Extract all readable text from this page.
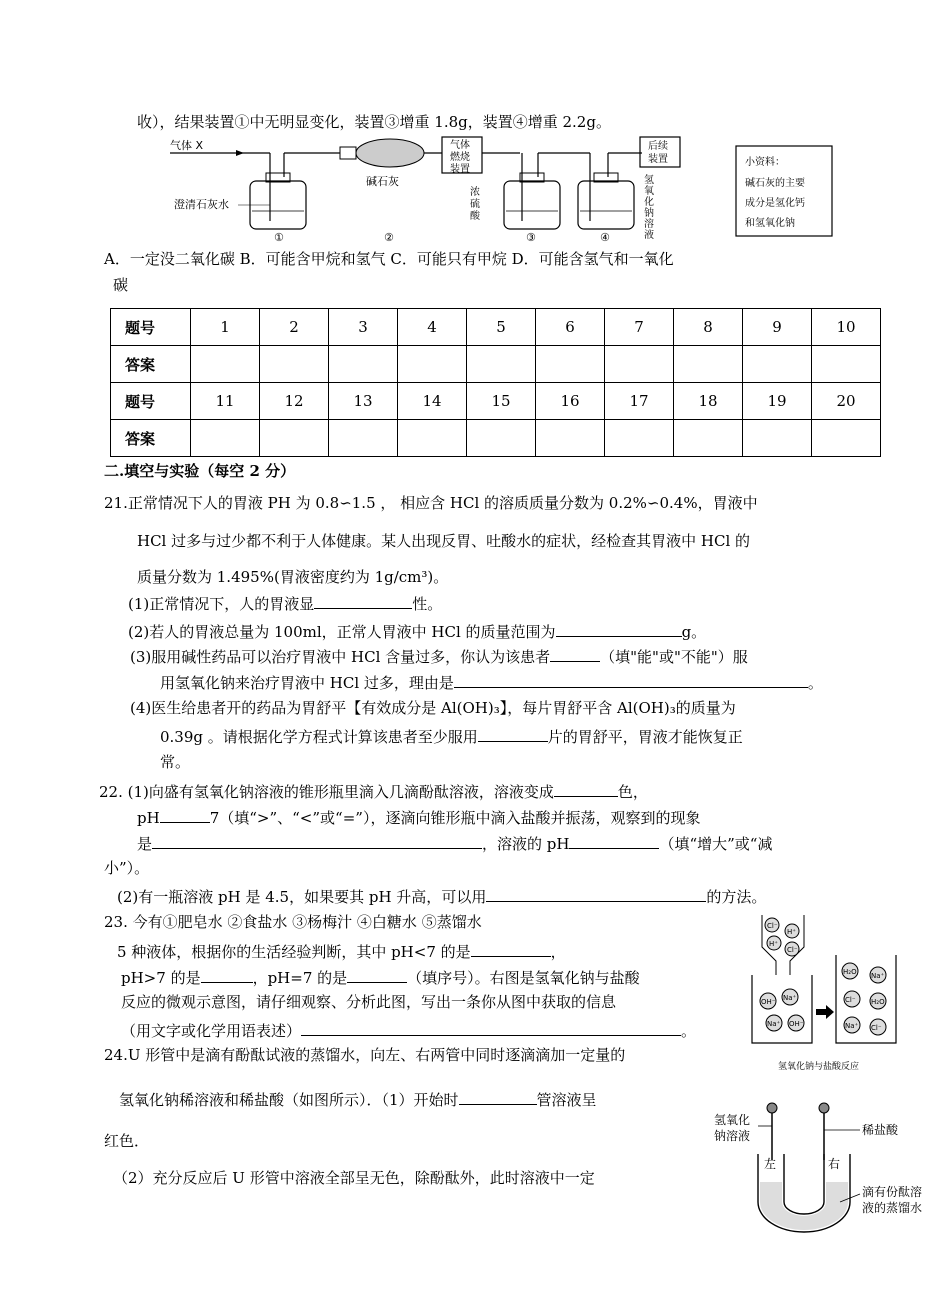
收），结果装置①中无明显变化，装置③增重 1.8g，装置④增重 2.2g。
气体 X
澄清石灰水
碱石灰
气体
燃烧
装置
浓
硫
酸
后续
装置
氢
氧
化
钠
溶
液
①	②	③	④
小资料：
碱石灰的主要
成分是氢化钙
和氢氧化钠
A．一定没二氧化碳 B．可能含甲烷和氢气 C．可能只有甲烷 D．可能含氢气和一氧化
碳
题号	1	2	3	4	5	6	7	8	9	10
答案										
题号	11	12	13	14	15	16	17	18	19	20
答案										
二.填空与实验（每空 2 分）
21.正常情况下人的胃液 PH 为 0.8∽1.5 ， 相应含 HCl 的溶质质量分数为 0.2%∽0.4%，胃液中
HCl 过多与过少都不利于人体健康。某人出现反胃、吐酸水的症状，经检查其胃液中 HCl 的
质量分数为 1.495%(胃液密度约为 1g/cm³)。
(1)正常情况下，人的胃液显	性。
(2)若人的胃液总量为 100ml，正常人胃液中 HCl 的质量范围为	g。
(3)服用碱性药品可以治疗胃液中 HCl 含量过多，你认为该患者	（填"能"或"不能"）服
用氢氧化钠来治疗胃液中 HCl 过多，理由是	。
(4)医生给患者开的药品为胃舒平【有效成分是 Al(OH)₃】，每片胃舒平含 Al(OH)₃的质量为
0.39g 。请根据化学方程式计算该患者至少服用	片的胃舒平，胃液才能恢复正
常。
22. (1)向盛有氢氧化钠溶液的锥形瓶里滴入几滴酚酞溶液，溶液变成	色，
pH	7（填“>”、“<”或“=”），逐滴向锥形瓶中滴入盐酸并振荡，观察到的现象
是	，溶液的 pH	（填“增大”或“减
小”）。
(2)有一瓶溶液 pH 是 4.5，如果要其 pH 升高，可以用	的方法。
23. 今有①肥皂水 ②食盐水 ③杨梅汁 ④白糖水 ⑤蒸馏水
5 种液体，根据你的生活经验判断，其中 pH<7 的是	，
pH>7 的是	，pH=7 的是	（填序号）。右图是氢氧化钠与盐酸
反应的微观示意图，请仔细观察、分析此图，写出一条你从图中获取的信息
（用文字或化学用语表述）	。
Cl⁻
H⁺
H⁺
Cl⁻
OH⁻ Na⁺
Na⁺ OH⁻
H₂O Na⁺
Cl⁻ H₂O
Na⁺ Cl⁻
氢氧化钠与盐酸反应
24.U 形管中是滴有酚酞试液的蒸馏水，向左、右两管中同时逐滴滴加一定量的
氢氧化钠稀溶液和稀盐酸（如图所示）．（1）开始时	管溶液呈
红色．
（2）充分反应后 U 形管中溶液全部呈无色，除酚酞外，此时溶液中一定
氢氧化
钠溶液	稀盐酸
滴有份酞溶
液的蒸馏水
左	右
